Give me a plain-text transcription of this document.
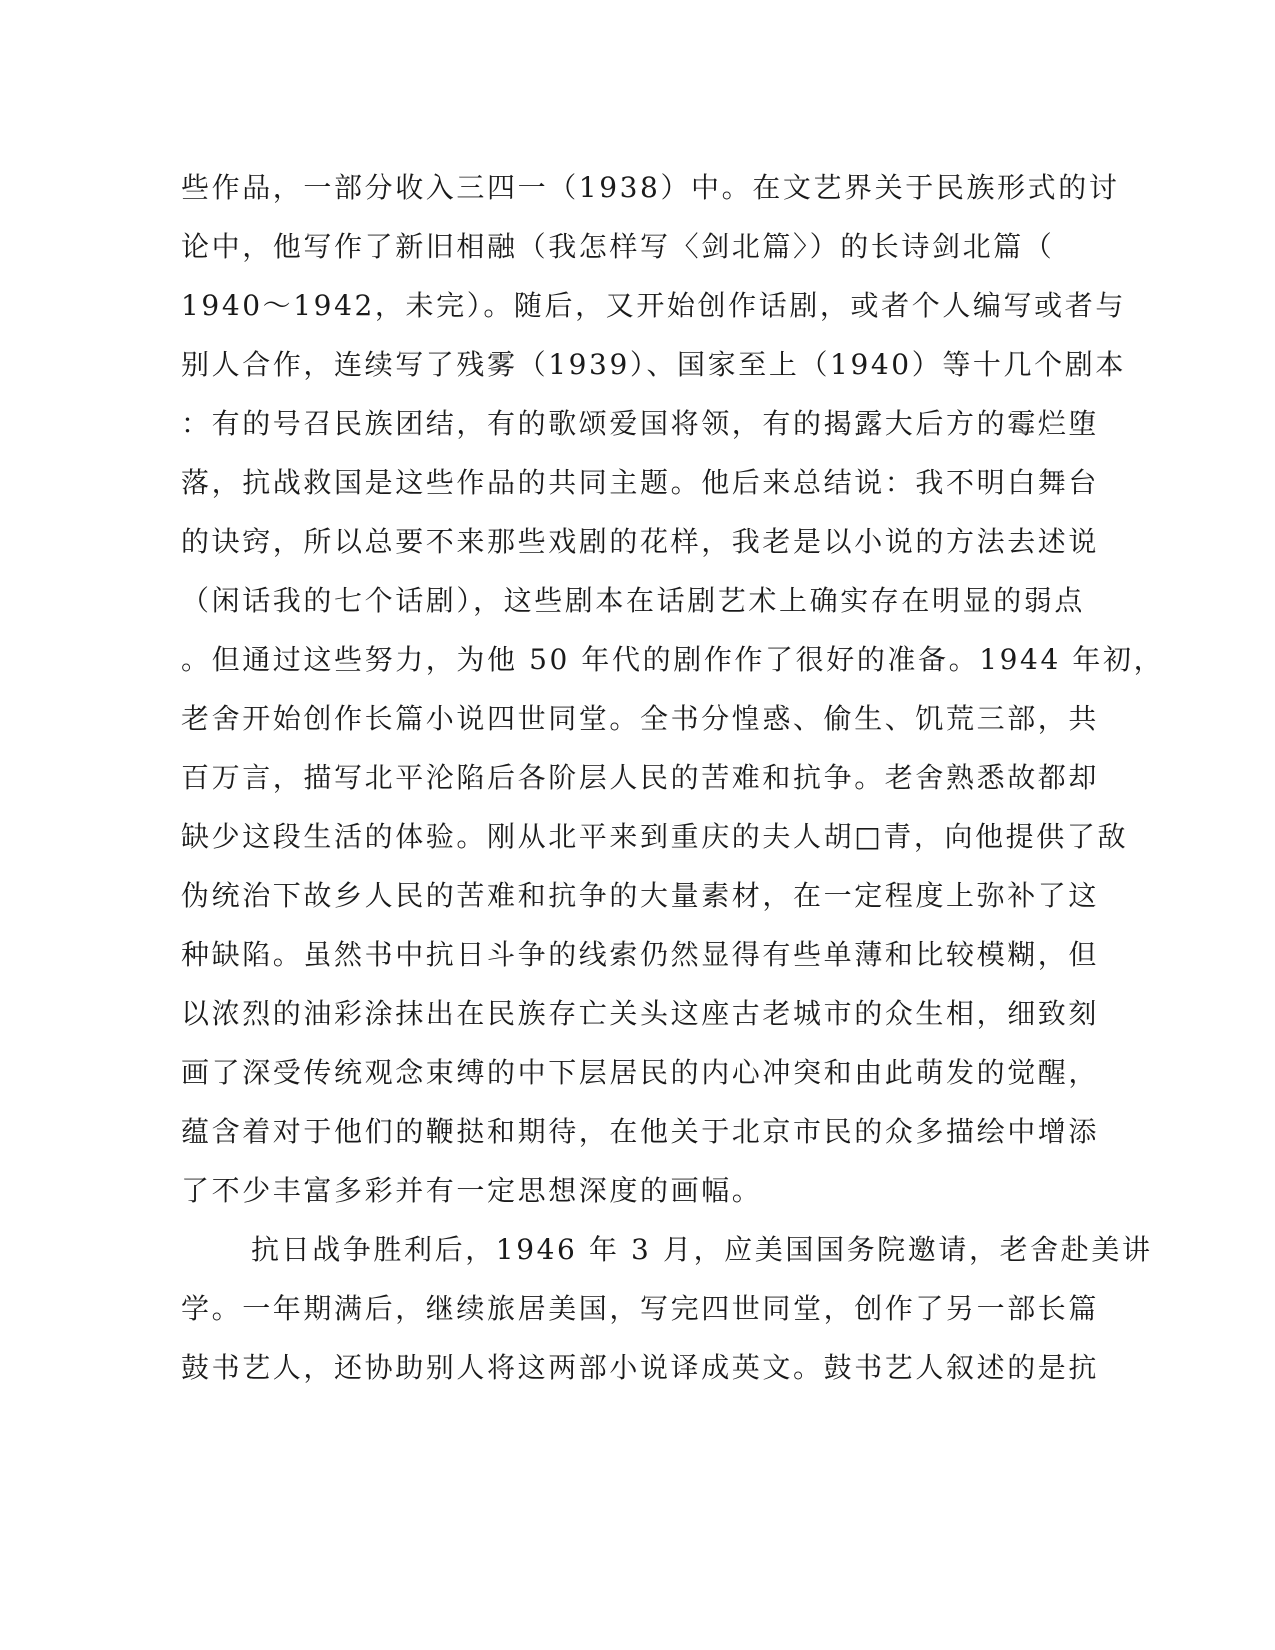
些作品，一部分收入三四一（1938）中。在文艺界关于民族形式的讨
论中，他写作了新旧相融（我怎样写〈剑北篇〉）的长诗剑北篇（
1940～1942，未完）。随后，又开始创作话剧，或者个人编写或者与
别人合作，连续写了残雾（1939）、国家至上（1940）等十几个剧本
：有的号召民族团结，有的歌颂爱国将领，有的揭露大后方的霉烂堕
落，抗战救国是这些作品的共同主题。他后来总结说：我不明白舞台
的诀窍，所以总要不来那些戏剧的花样，我老是以小说的方法去述说
（闲话我的七个话剧），这些剧本在话剧艺术上确实存在明显的弱点
。但通过这些努力，为他 50 年代的剧作作了很好的准备。1944 年初，
老舍开始创作长篇小说四世同堂。全书分惶惑、偷生、饥荒三部，共
百万言，描写北平沦陷后各阶层人民的苦难和抗争。老舍熟悉故都却
缺少这段生活的体验。刚从北平来到重庆的夫人胡□青，向他提供了敌
伪统治下故乡人民的苦难和抗争的大量素材，在一定程度上弥补了这
种缺陷。虽然书中抗日斗争的线索仍然显得有些单薄和比较模糊，但
以浓烈的油彩涂抹出在民族存亡关头这座古老城市的众生相，细致刻
画了深受传统观念束缚的中下层居民的内心冲突和由此萌发的觉醒，
蕴含着对于他们的鞭挞和期待，在他关于北京市民的众多描绘中增添
了不少丰富多彩并有一定思想深度的画幅。
抗日战争胜利后，1946 年 3 月，应美国国务院邀请，老舍赴美讲
学。一年期满后，继续旅居美国，写完四世同堂，创作了另一部长篇
鼓书艺人，还协助别人将这两部小说译成英文。鼓书艺人叙述的是抗
